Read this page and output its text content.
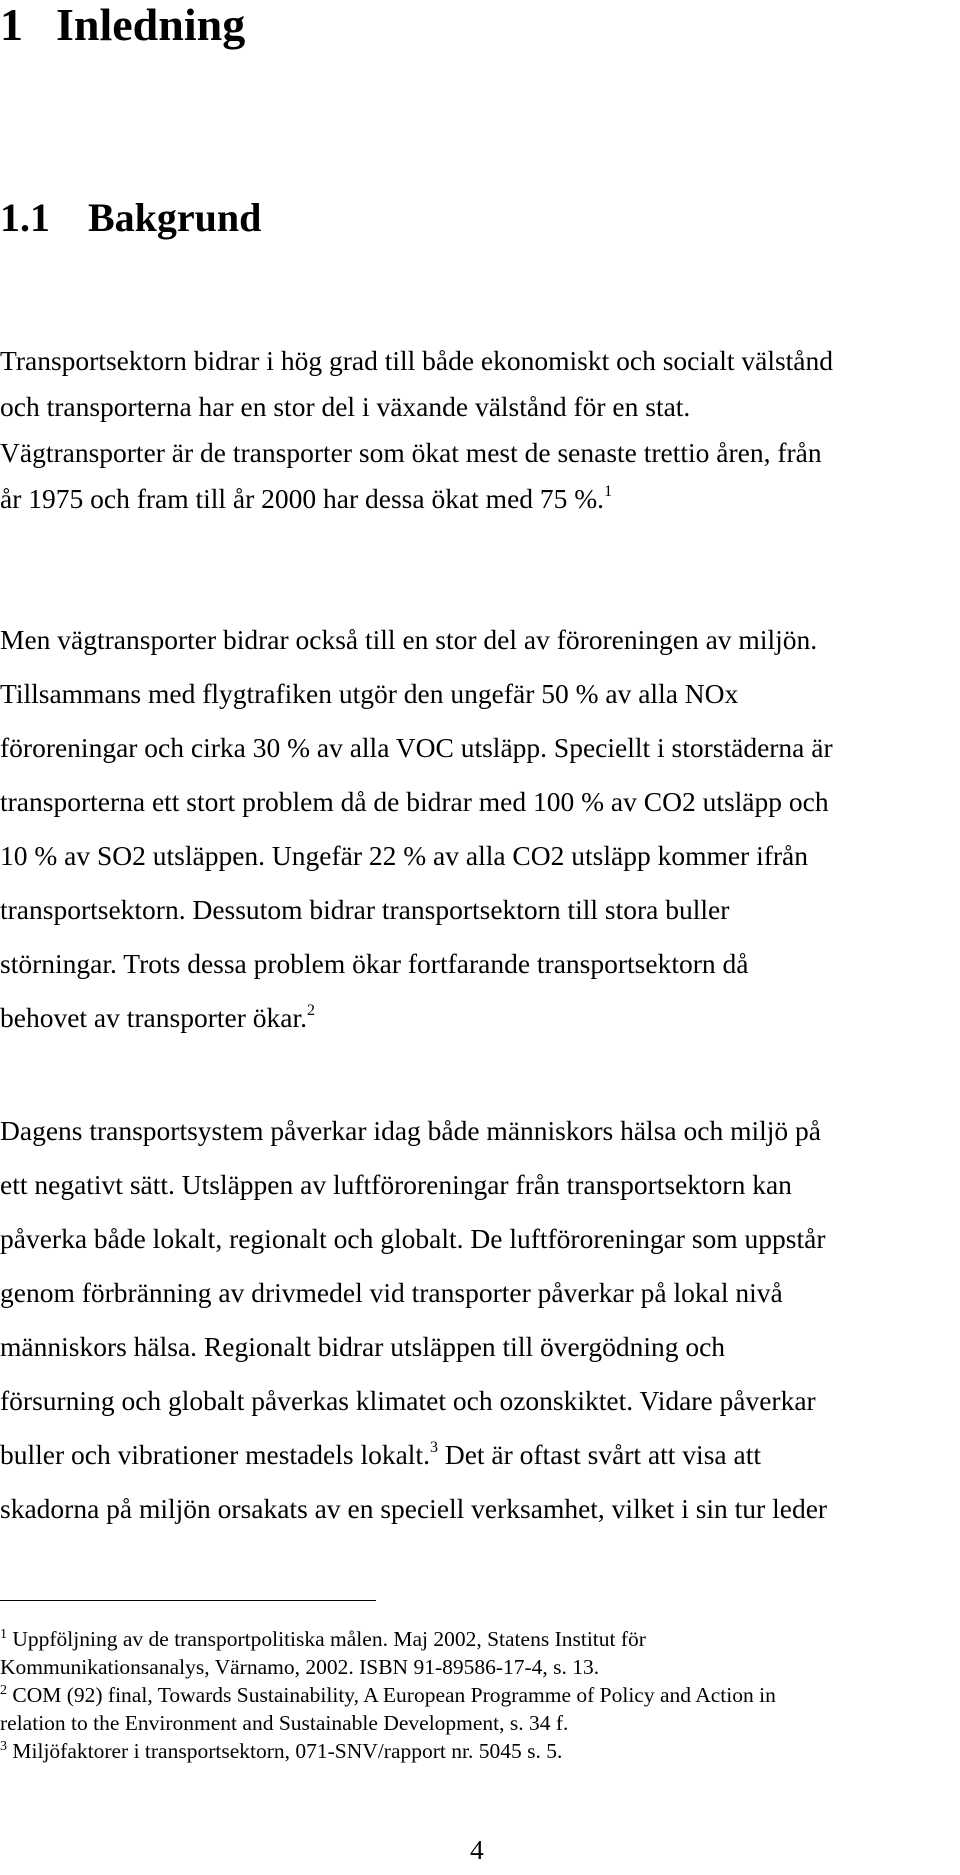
1 Inledning
1.1 Bakgrund
Transportsektorn bidrar i hög grad till både ekonomiskt och socialt välstånd
och transporterna har en stor del i växande välstånd för en stat.
Vägtransporter är de transporter som ökat mest de senaste trettio åren, från
år 1975 och fram till år 2000 har dessa ökat med 75 %.$^1$
Men vägtransporter bidrar också till en stor del av föroreningen av miljön.
Tillsammans med flygtrafiken utgör den ungefär 50 % av alla NOx
föroreningar och cirka 30 % av alla VOC utsläpp. Speciellt i storstäderna är
transporterna ett stort problem då de bidrar med 100 % av CO2 utsläpp och
10 % av SO2 utsläppen. Ungefär 22 % av alla CO2 utsläpp kommer ifrån
transportsektorn. Dessutom bidrar transportsektorn till stora buller
störningar. Trots dessa problem ökar fortfarande transportsektorn då
behovet av transporter ökar.$^2$
Dagens transportsystem påverkar idag både människors hälsa och miljö på
ett negativt sätt. Utsläppen av luftföroreningar från transportsektorn kan
påverka både lokalt, regionalt och globalt. De luftföroreningar som uppstår
genom förbränning av drivmedel vid transporter påverkar på lokal nivå
människors hälsa. Regionalt bidrar utsläppen till övergödning och
försurning och globalt påverkas klimatet och ozonskiktet. Vidare påverkar
buller och vibrationer mestadels lokalt.$^3$ Det är oftast svårt att visa att
skadorna på miljön orsakats av en speciell verksamhet, vilket i sin tur leder
$^1$ Uppföljning av de transportpolitiska målen. Maj 2002, Statens Institut för
Kommunikationsanalys, Värnamo, 2002. ISBN 91-89586-17-4, s. 13.
$^2$ COM (92) final, Towards Sustainability, A European Programme of Policy and Action in
relation to the Environment and Sustainable Development, s. 34 f.
$^3$ Miljöfaktorer i transportsektorn, 071-SNV/rapport nr. 5045 s. 5.
4
